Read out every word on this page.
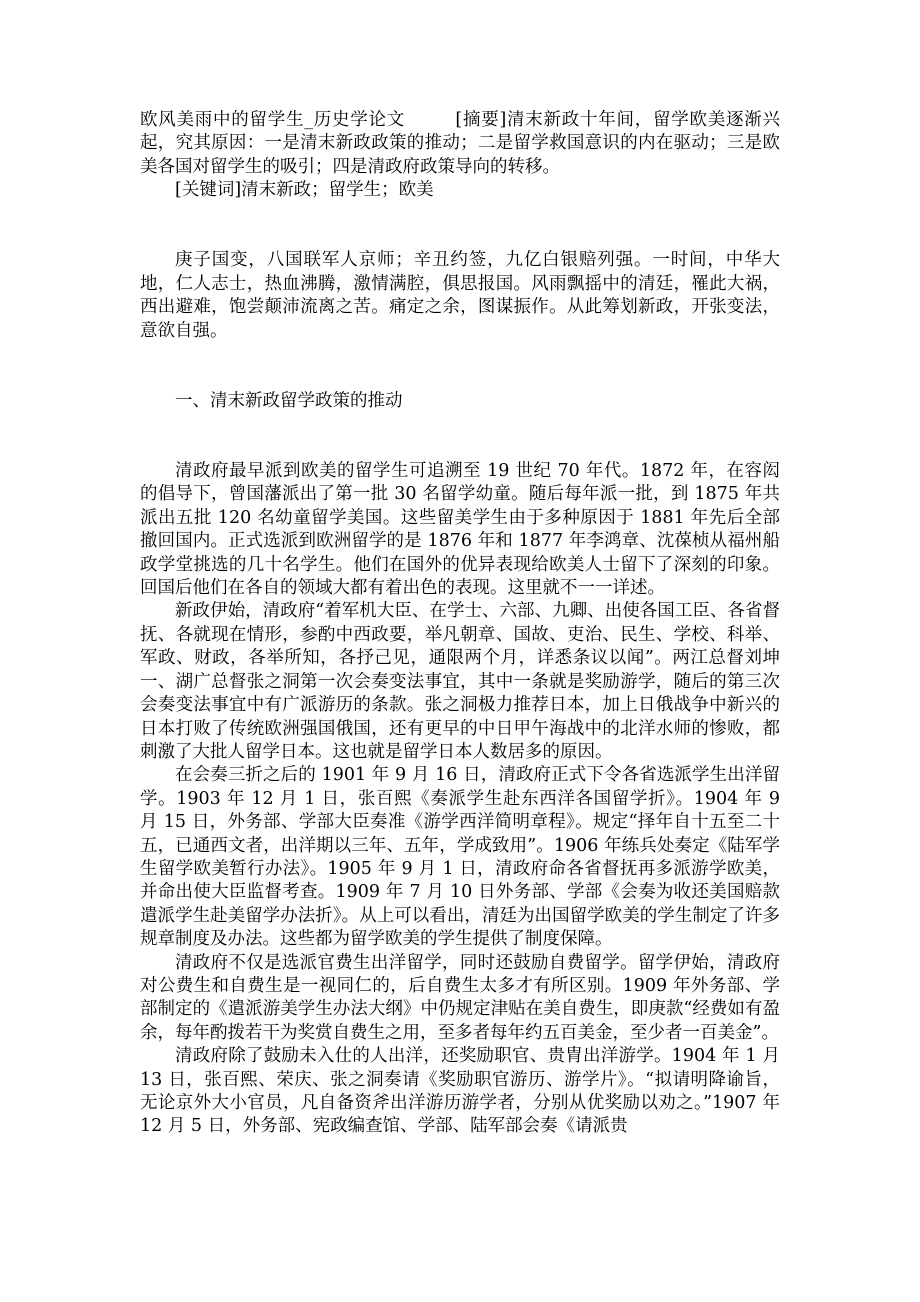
欧风美雨中的留学生_历史学论文	[摘要]清末新政十年间，留学欧美逐渐兴起，究其原因：一是清末新政政策的推动；二是留学救国意识的内在驱动；三是欧美各国对留学生的吸引；四是清政府政策导向的转移。

[关键词]清末新政；留学生；欧美

庚子国变，八国联军人京师；辛丑约签，九亿白银赔列强。一时间，中华大地，仁人志士，热血沸腾，激情满腔，俱思报国。风雨飘摇中的清廷，罹此大祸，西出避难，饱尝颠沛流离之苦。痛定之余，图谋振作。从此筹划新政，开张变法，意欲自强。

一、清末新政留学政策的推动

清政府最早派到欧美的留学生可追溯至 19 世纪 70 年代。1872 年，在容闳的倡导下，曾国藩派出了第一批 30 名留学幼童。随后每年派一批，到 1875 年共派出五批 120 名幼童留学美国。这些留美学生由于多种原因于 1881 年先后全部撤回国内。正式选派到欧洲留学的是 1876 年和 1877 年李鸿章、沈葆桢从福州船政学堂挑选的几十名学生。他们在国外的优异表现给欧美人士留下了深刻的印象。回国后他们在各自的领域大都有着出色的表现。这里就不一一详述。

新政伊始，清政府“着军机大臣、在学士、六部、九卿、出使各国工臣、各省督抚、各就现在情形，参酌中西政要，举凡朝章、国故、吏治、民生、学校、科举、军政、财政，各举所知，各抒己见，通限两个月，详悉条议以闻”。两江总督刘坤一、湖广总督张之洞第一次会奏变法事宜，其中一条就是奖励游学，随后的第三次会奏变法事宜中有广派游历的条款。张之洞极力推荐日本，加上日俄战争中新兴的日本打败了传统欧洲强国俄国，还有更早的中日甲午海战中的北洋水师的惨败，都刺激了大批人留学日本。这也就是留学日本人数居多的原因。

在会奏三折之后的 1901 年 9 月 16 日，清政府正式下令各省选派学生出洋留学。1903 年 12 月 1 日，张百熙《奏派学生赴东西洋各国留学折》。1904 年 9 月 15 日，外务部、学部大臣奏准《游学西洋简明章程》。规定“择年自十五至二十五，已通西文者，出洋期以三年、五年，学成致用”。1906 年练兵处奏定《陆军学生留学欧美暂行办法》。1905 年 9 月 1 日，清政府命各省督抚再多派游学欧美，并命出使大臣监督考查。1909 年 7 月 10 日外务部、学部《会奏为收还美国赔款遣派学生赴美留学办法折》。从上可以看出，清廷为出国留学欧美的学生制定了许多规章制度及办法。这些都为留学欧美的学生提供了制度保障。

清政府不仅是选派官费生出洋留学，同时还鼓励自费留学。留学伊始，清政府对公费生和自费生是一视同仁的，后自费生太多才有所区别。1909 年外务部、学部制定的《遣派游美学生办法大纲》中仍规定津贴在美自费生，即庚款“经费如有盈余，每年酌拨若干为奖赏自费生之用，至多者每年约五百美金，至少者一百美金”。

清政府除了鼓励未入仕的人出洋，还奖励职官、贵胄出洋游学。1904 年 1 月 13 日，张百熙、荣庆、张之洞奏请《奖励职官游历、游学片》。“拟请明降谕旨，无论京外大小官员，凡自备资斧出洋游历游学者，分别从优奖励以劝之。”1907 年 12 月 5 日，外务部、宪政编查馆、学部、陆军部会奏《请派贵
